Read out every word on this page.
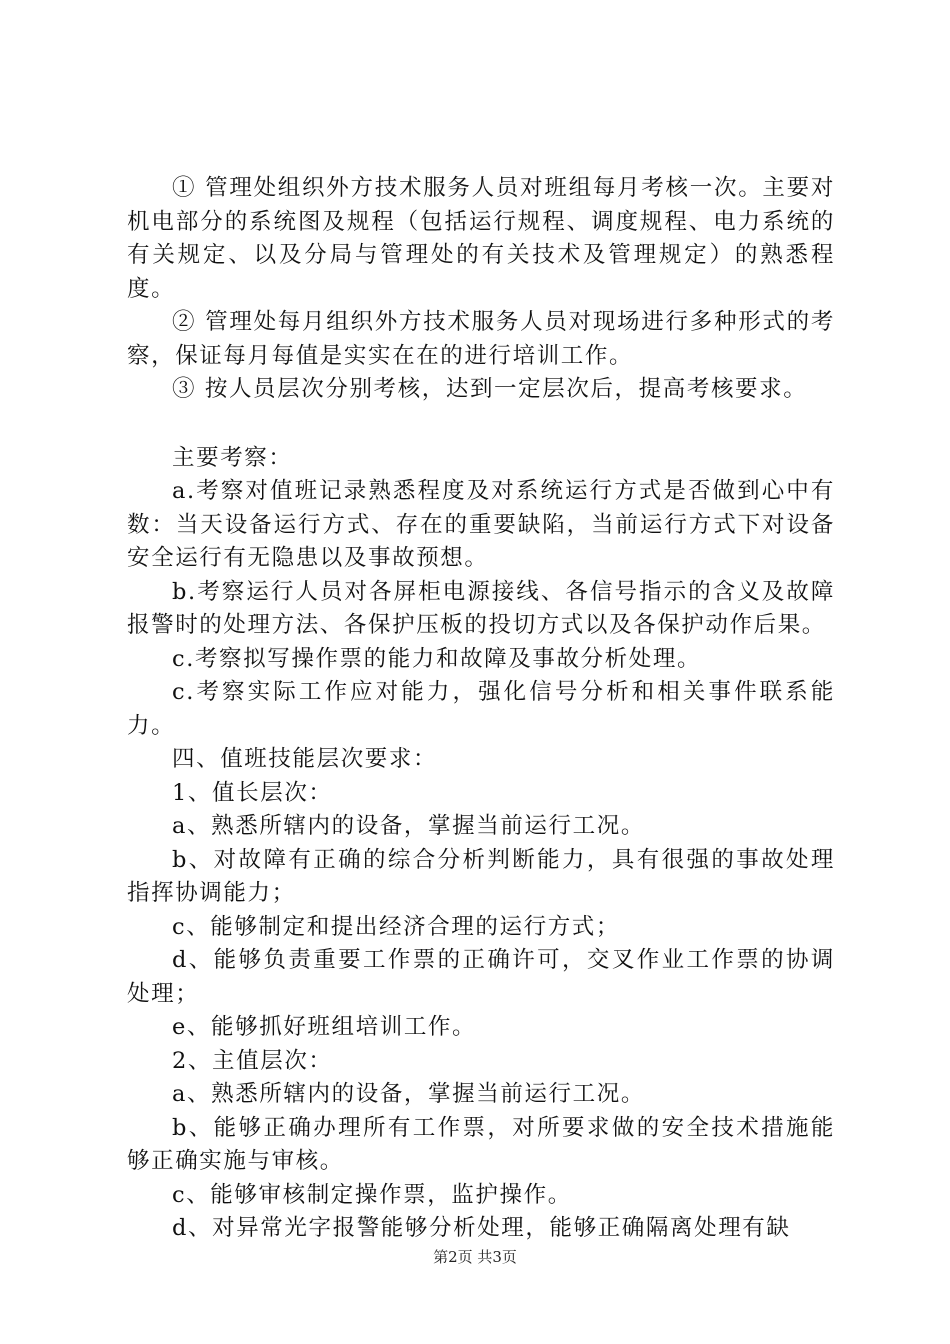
① 管理处组织外方技术服务人员对班组每月考核一次。主要对机电部分的系统图及规程（包括运行规程、调度规程、电力系统的有关规定、以及分局与管理处的有关技术及管理规定）的熟悉程度。

② 管理处每月组织外方技术服务人员对现场进行多种形式的考察，保证每月每值是实实在在的进行培训工作。

③ 按人员层次分别考核，达到一定层次后，提高考核要求。

主要考察：

a.考察对值班记录熟悉程度及对系统运行方式是否做到心中有数：当天设备运行方式、存在的重要缺陷，当前运行方式下对设备安全运行有无隐患以及事故预想。

b.考察运行人员对各屏柜电源接线、各信号指示的含义及故障报警时的处理方法、各保护压板的投切方式以及各保护动作后果。

c.考察拟写操作票的能力和故障及事故分析处理。

c.考察实际工作应对能力，强化信号分析和相关事件联系能力。

四、值班技能层次要求：

1、值长层次：

a、熟悉所辖内的设备，掌握当前运行工况。

b、对故障有正确的综合分析判断能力，具有很强的事故处理指挥协调能力；

c、能够制定和提出经济合理的运行方式；

d、能够负责重要工作票的正确许可，交叉作业工作票的协调处理；

e、能够抓好班组培训工作。

2、主值层次：

a、熟悉所辖内的设备，掌握当前运行工况。

b、能够正确办理所有工作票，对所要求做的安全技术措施能够正确实施与审核。

c、能够审核制定操作票，监护操作。

d、对异常光字报警能够分析处理，能够正确隔离处理有缺

第2页 共3页
